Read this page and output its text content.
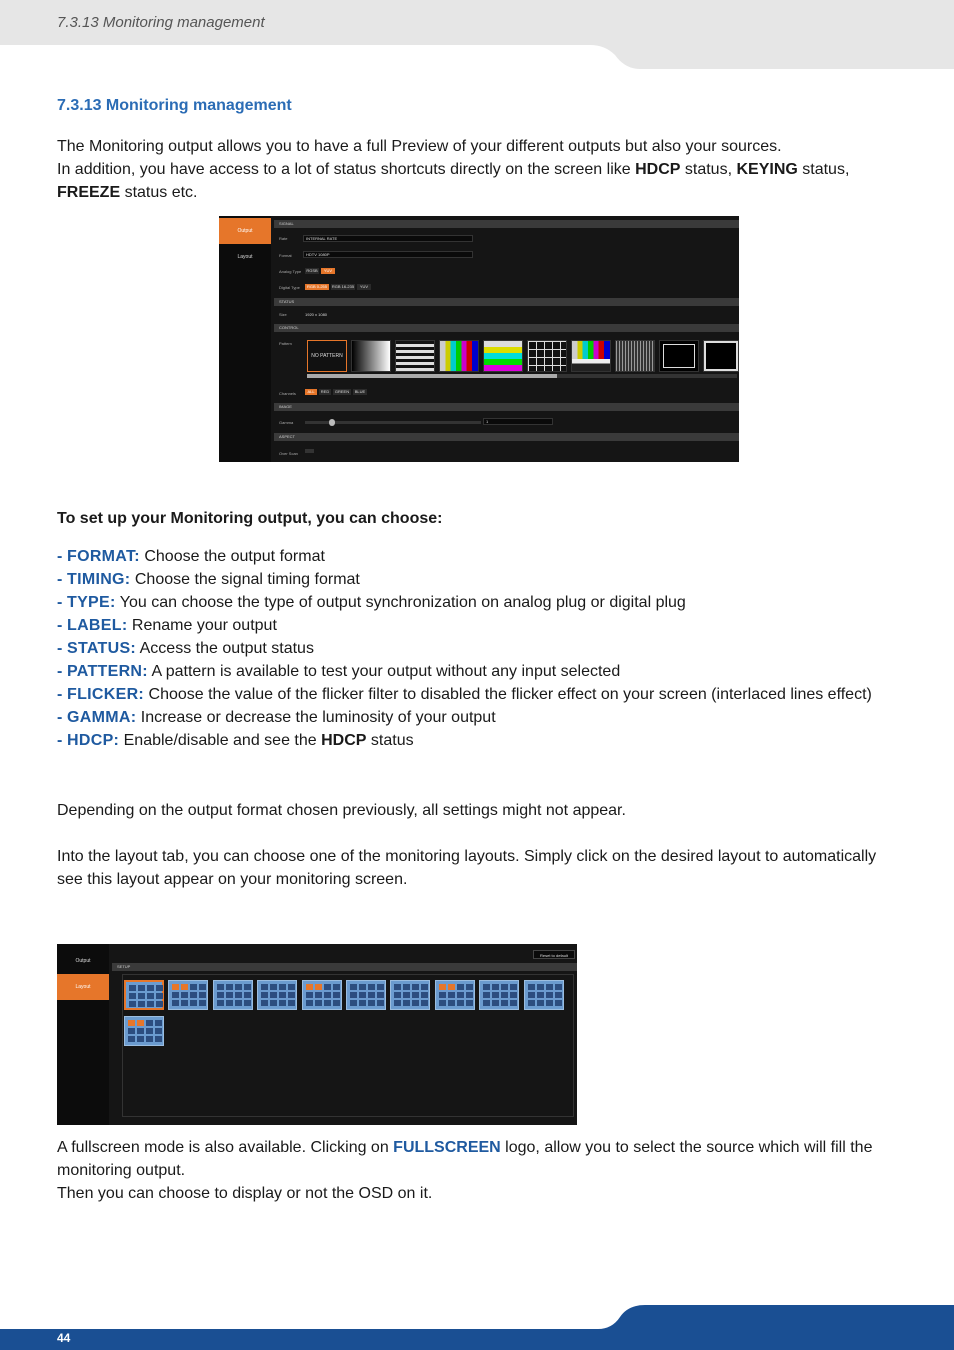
7.3.13 Monitoring management
7.3.13 Monitoring management
The Monitoring output allows you to have a full Preview of your different outputs but also your sources.
In addition, you have access to a lot of status shortcuts directly on the screen like HDCP status, KEYING status,
FREEZE status etc.
Output
Layout
SIGNAL
Rate	INTERNAL RATE
Format	HDTV 1080P
Analog Type	RGSB	YUV
Digital Type	RGB 0-255	RGB 16-235	YUV
STATUS
Size	1920 x 1080
CONTROL
Pattern
NO PATTERN
Channels	ALL	RED	GREEN	BLUE
IMAGE
Gamma	1
ASPECT
Over Scan
To set up your Monitoring output, you can choose:
- FORMAT: Choose the output format
- TIMING: Choose the signal timing format
- TYPE: You can choose the type of output synchronization on analog plug or digital plug
- LABEL: Rename your output
- STATUS: Access the output status
- PATTERN: A pattern is available to test your output without any input selected
- FLICKER: Choose the value of the flicker filter to disabled the flicker effect on your screen (interlaced lines effect)
- GAMMA: Increase or decrease the luminosity of your output
- HDCP: Enable/disable and see the HDCP status
Depending on the output format chosen previously, all settings might not appear.
Into the layout tab, you can choose one of the monitoring layouts. Simply click on the desired layout to automatically see this layout appear on your monitoring screen.
Output
Layout
Reset to default
SETUP
A fullscreen mode is also available. Clicking on FULLSCREEN logo, allow you to select the source which will fill the monitoring output.
Then you can choose to display or not the OSD on it.
44
